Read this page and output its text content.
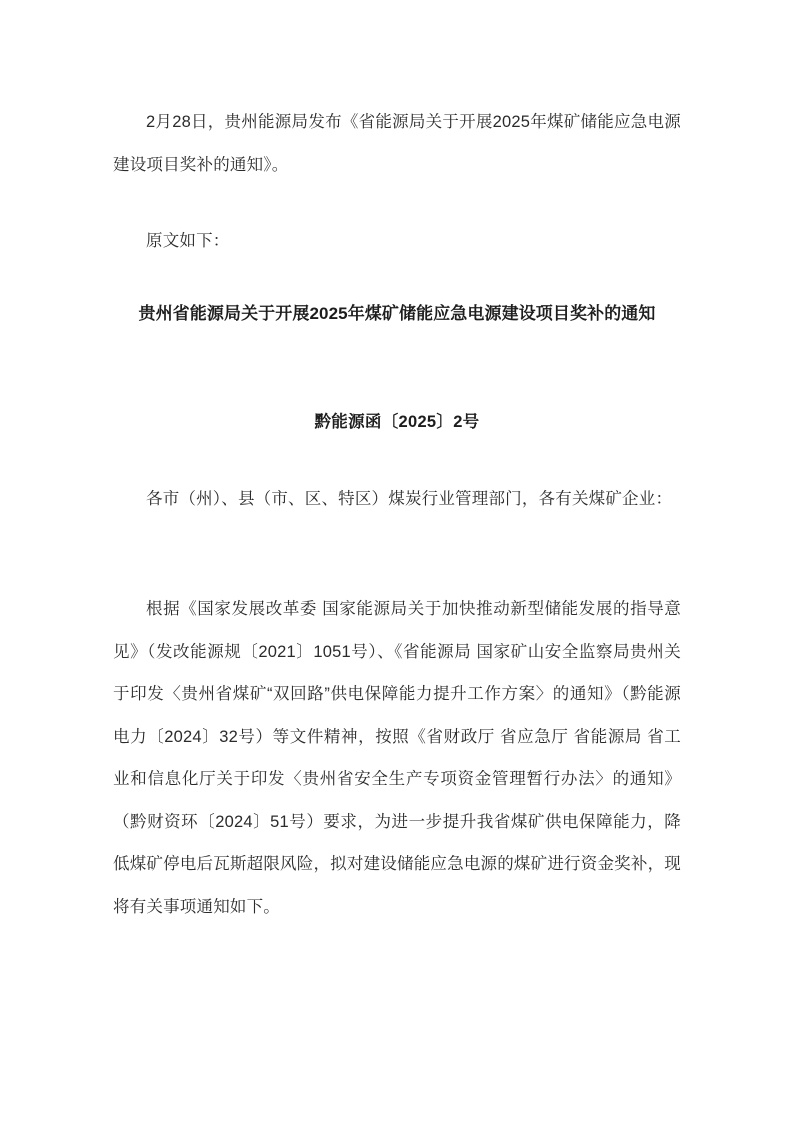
2月28日，贵州能源局发布《省能源局关于开展2025年煤矿储能应急电源建设项目奖补的通知》。

原文如下：

贵州省能源局关于开展2025年煤矿储能应急电源建设项目奖补的通知

黔能源函〔2025〕2号

各市（州）、县（市、区、特区）煤炭行业管理部门，各有关煤矿企业：

根据《国家发展改革委 国家能源局关于加快推动新型储能发展的指导意见》（发改能源规〔2021〕1051号）、《省能源局 国家矿山安全监察局贵州关于印发〈贵州省煤矿“双回路”供电保障能力提升工作方案〉的通知》（黔能源电力〔2024〕32号）等文件精神，按照《省财政厅 省应急厅 省能源局 省工业和信息化厅关于印发〈贵州省安全生产专项资金管理暂行办法〉的通知》（黔财资环〔2024〕51号）要求，为进一步提升我省煤矿供电保障能力，降低煤矿停电后瓦斯超限风险，拟对建设储能应急电源的煤矿进行资金奖补，现将有关事项通知如下。
